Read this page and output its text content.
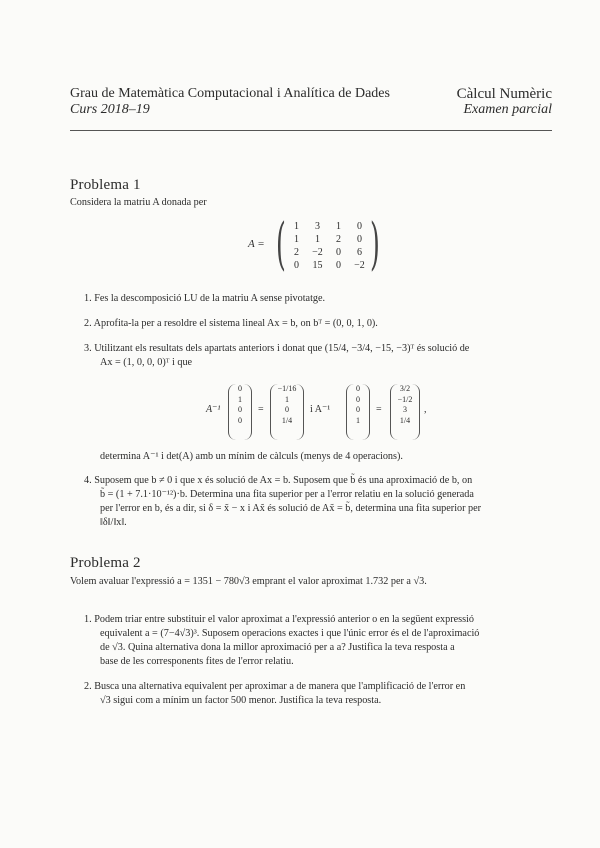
Grau de Matemàtica Computacional i Analítica de Dades
Curs 2018–19
Càlcul Numèric
Examen parcial
Problema 1
Considera la matriu A donada per
A = ( 1	3	1	0
1	1	2	0
2	−2	0	6
0	15	0	−2 )
1. Fes la descomposició LU de la matriu A sense pivotatge.
2. Aprofita-la per a resoldre el sistema lineal Ax = b, on bᵀ = (0, 0, 1, 0).
3. Utilitzant els resultats dels apartats anteriors i donat que (15/4, −3/4, −15, −3)ᵀ és solució de
Ax = (1, 0, 0, 0)ᵀ i que
A⁻¹
0
1
0
0
=
−1/16
1
0
1/4
i A⁻¹
0
0
0
1
=
3/2
−1/2
3
1/4
,
determina A⁻¹ i det(A) amb un mínim de càlculs (menys de 4 operacions).
4. Suposem que b ≠ 0 i que x és solució de Ax = b. Suposem que b̃ és una aproximació de b, on
b̃ = (1 + 7.1·10⁻¹²)·b. Determina una fita superior per a l'error relatiu en la solució generada
per l'error en b, és a dir, si δ = x̃ − x i Ax̃ és solució de Ax̃ = b̃, determina una fita superior per
‖δ‖/‖x‖.
Problema 2
Volem avaluar l'expressió a = 1351 − 780√3 emprant el valor aproximat 1.732 per a √3.
1. Podem triar entre substituir el valor aproximat a l'expressió anterior o en la següent expressió
equivalent a = (7−4√3)³. Suposem operacions exactes i que l'únic error és el de l'aproximació
de √3. Quina alternativa dona la millor aproximació per a a? Justifica la teva resposta a
base de les corresponents fites de l'error relatiu.
2. Busca una alternativa equivalent per aproximar a de manera que l'amplificació de l'error en
√3 sigui com a mínim un factor 500 menor. Justifica la teva resposta.
